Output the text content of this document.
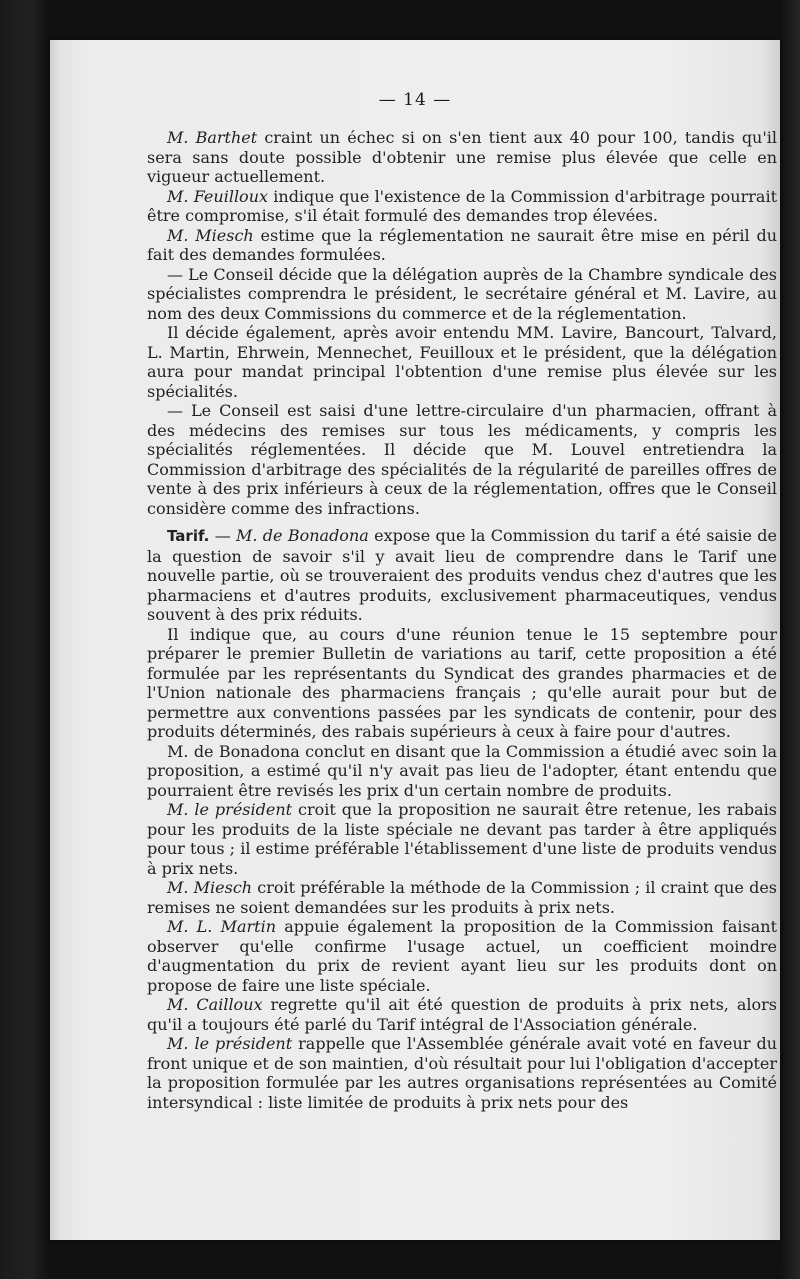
— 14 —

M. Barthet craint un échec si on s'en tient aux 40 pour 100, tandis qu'il sera sans doute possible d'obtenir une remise plus élevée que celle en vigueur actuellement.

M. Feuilloux indique que l'existence de la Commission d'arbitrage pourrait être compromise, s'il était formulé des demandes trop élevées.

M. Miesch estime que la réglementation ne saurait être mise en péril du fait des demandes formulées.

— Le Conseil décide que la délégation auprès de la Chambre syndicale des spécialistes comprendra le président, le secrétaire général et M. Lavire, au nom des deux Commissions du commerce et de la réglementation.

Il décide également, après avoir entendu MM. Lavire, Bancourt, Talvard, L. Martin, Ehrwein, Mennechet, Feuilloux et le président, que la délégation aura pour mandat principal l'obtention d'une remise plus élevée sur les spécialités.

— Le Conseil est saisi d'une lettre-circulaire d'un pharmacien, offrant à des médecins des remises sur tous les médicaments, y compris les spécialités réglementées. Il décide que M. Louvel entretiendra la Commission d'arbitrage des spécialités de la régularité de pareilles offres de vente à des prix inférieurs à ceux de la réglementation, offres que le Conseil considère comme des infractions.

Tarif. — M. de Bonadona expose que la Commission du tarif a été saisie de la question de savoir s'il y avait lieu de comprendre dans le Tarif une nouvelle partie, où se trouveraient des produits vendus chez d'autres que les pharmaciens et d'autres produits, exclusivement pharmaceutiques, vendus souvent à des prix réduits.

Il indique que, au cours d'une réunion tenue le 15 septembre pour préparer le premier Bulletin de variations au tarif, cette proposition a été formulée par les représentants du Syndicat des grandes pharmacies et de l'Union nationale des pharmaciens français ; qu'elle aurait pour but de permettre aux conventions passées par les syndicats de contenir, pour des produits déterminés, des rabais supérieurs à ceux à faire pour d'autres.

M. de Bonadona conclut en disant que la Commission a étudié avec soin la proposition, a estimé qu'il n'y avait pas lieu de l'adopter, étant entendu que pourraient être revisés les prix d'un certain nombre de produits.

M. le président croit que la proposition ne saurait être retenue, les rabais pour les produits de la liste spéciale ne devant pas tarder à être appliqués pour tous ; il estime préférable l'établissement d'une liste de produits vendus à prix nets.

M. Miesch croit préférable la méthode de la Commission ; il craint que des remises ne soient demandées sur les produits à prix nets.

M. L. Martin appuie également la proposition de la Commission faisant observer qu'elle confirme l'usage actuel, un coefficient moindre d'augmentation du prix de revient ayant lieu sur les produits dont on propose de faire une liste spéciale.

M. Cailloux regrette qu'il ait été question de produits à prix nets, alors qu'il a toujours été parlé du Tarif intégral de l'Association générale.

M. le président rappelle que l'Assemblée générale avait voté en faveur du front unique et de son maintien, d'où résultait pour lui l'obligation d'accepter la proposition formulée par les autres organisations représentées au Comité intersyndical : liste limitée de produits à prix nets pour des
